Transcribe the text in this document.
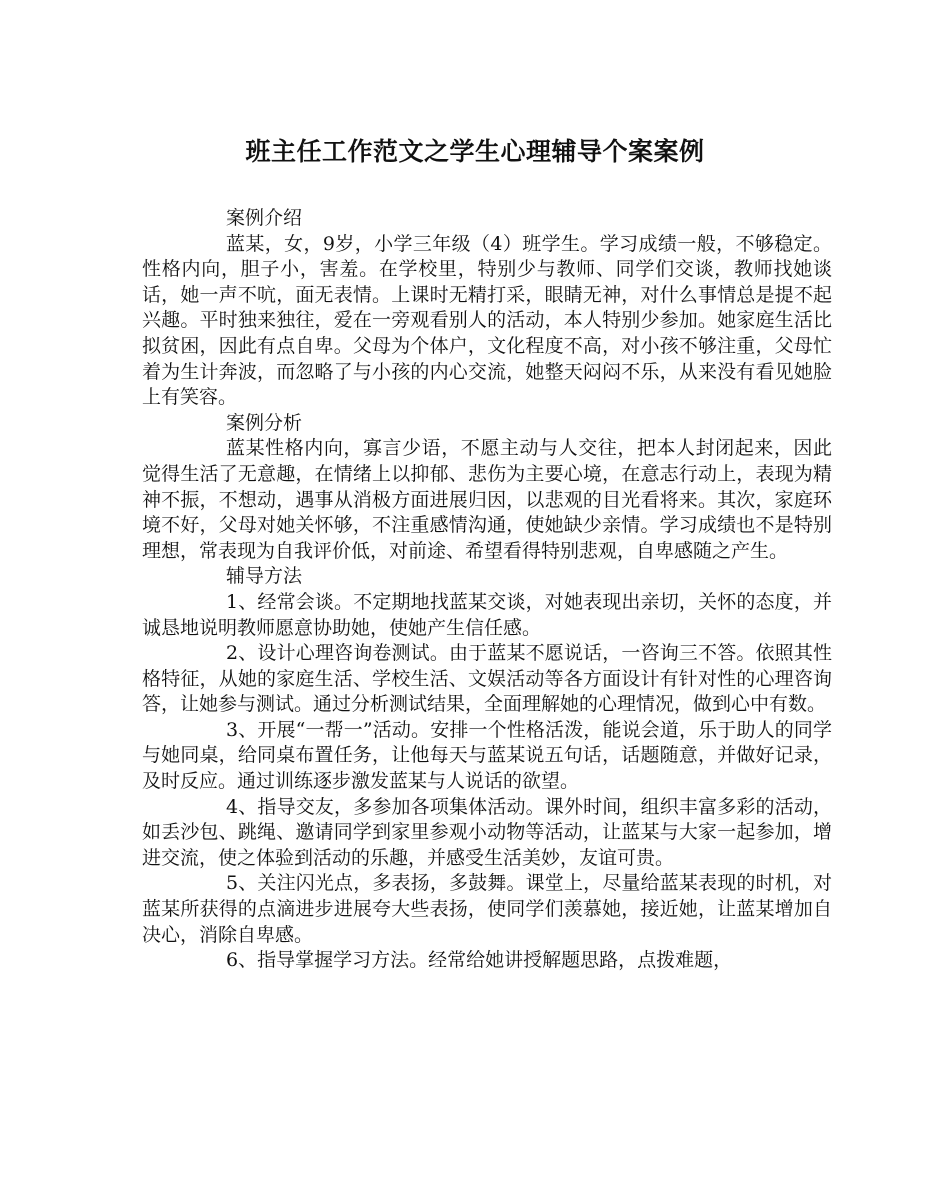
班主任工作范文之学生心理辅导个案案例

案例介绍

蓝某，女，9岁，小学三年级（4）班学生。学习成绩一般，不够稳定。性格内向，胆子小，害羞。在学校里，特别少与教师、同学们交谈，教师找她谈话，她一声不吭，面无表情。上课时无精打采，眼睛无神，对什么事情总是提不起兴趣。平时独来独往，爱在一旁观看别人的活动，本人特别少参加。她家庭生活比拟贫困，因此有点自卑。父母为个体户，文化程度不高，对小孩不够注重，父母忙着为生计奔波，而忽略了与小孩的内心交流，她整天闷闷不乐，从来没有看见她脸上有笑容。

案例分析

蓝某性格内向，寡言少语，不愿主动与人交往，把本人封闭起来，因此觉得生活了无意趣，在情绪上以抑郁、悲伤为主要心境，在意志行动上，表现为精神不振，不想动，遇事从消极方面进展归因，以悲观的目光看将来。其次，家庭环境不好，父母对她关怀够，不注重感情沟通，使她缺少亲情。学习成绩也不是特别理想，常表现为自我评价低，对前途、希望看得特别悲观，自卑感随之产生。

辅导方法

1、经常会谈。不定期地找蓝某交谈，对她表现出亲切，关怀的态度，并诚恳地说明教师愿意协助她，使她产生信任感。

2、设计心理咨询卷测试。由于蓝某不愿说话，一咨询三不答。依照其性格特征，从她的家庭生活、学校生活、文娱活动等各方面设计有针对性的心理咨询答，让她参与测试。通过分析测试结果，全面理解她的心理情况，做到心中有数。

3、开展“一帮一”活动。安排一个性格活泼，能说会道，乐于助人的同学与她同桌，给同桌布置任务，让他每天与蓝某说五句话，话题随意，并做好记录，及时反应。通过训练逐步激发蓝某与人说话的欲望。

4、指导交友，多参加各项集体活动。课外时间，组织丰富多彩的活动，如丢沙包、跳绳、邀请同学到家里参观小动物等活动，让蓝某与大家一起参加，增进交流，使之体验到活动的乐趣，并感受生活美妙，友谊可贵。

5、关注闪光点，多表扬，多鼓舞。课堂上，尽量给蓝某表现的时机，对蓝某所获得的点滴进步进展夸大些表扬，使同学们羡慕她，接近她，让蓝某增加自决心，消除自卑感。

6、指导掌握学习方法。经常给她讲授解题思路，点拨难题，
